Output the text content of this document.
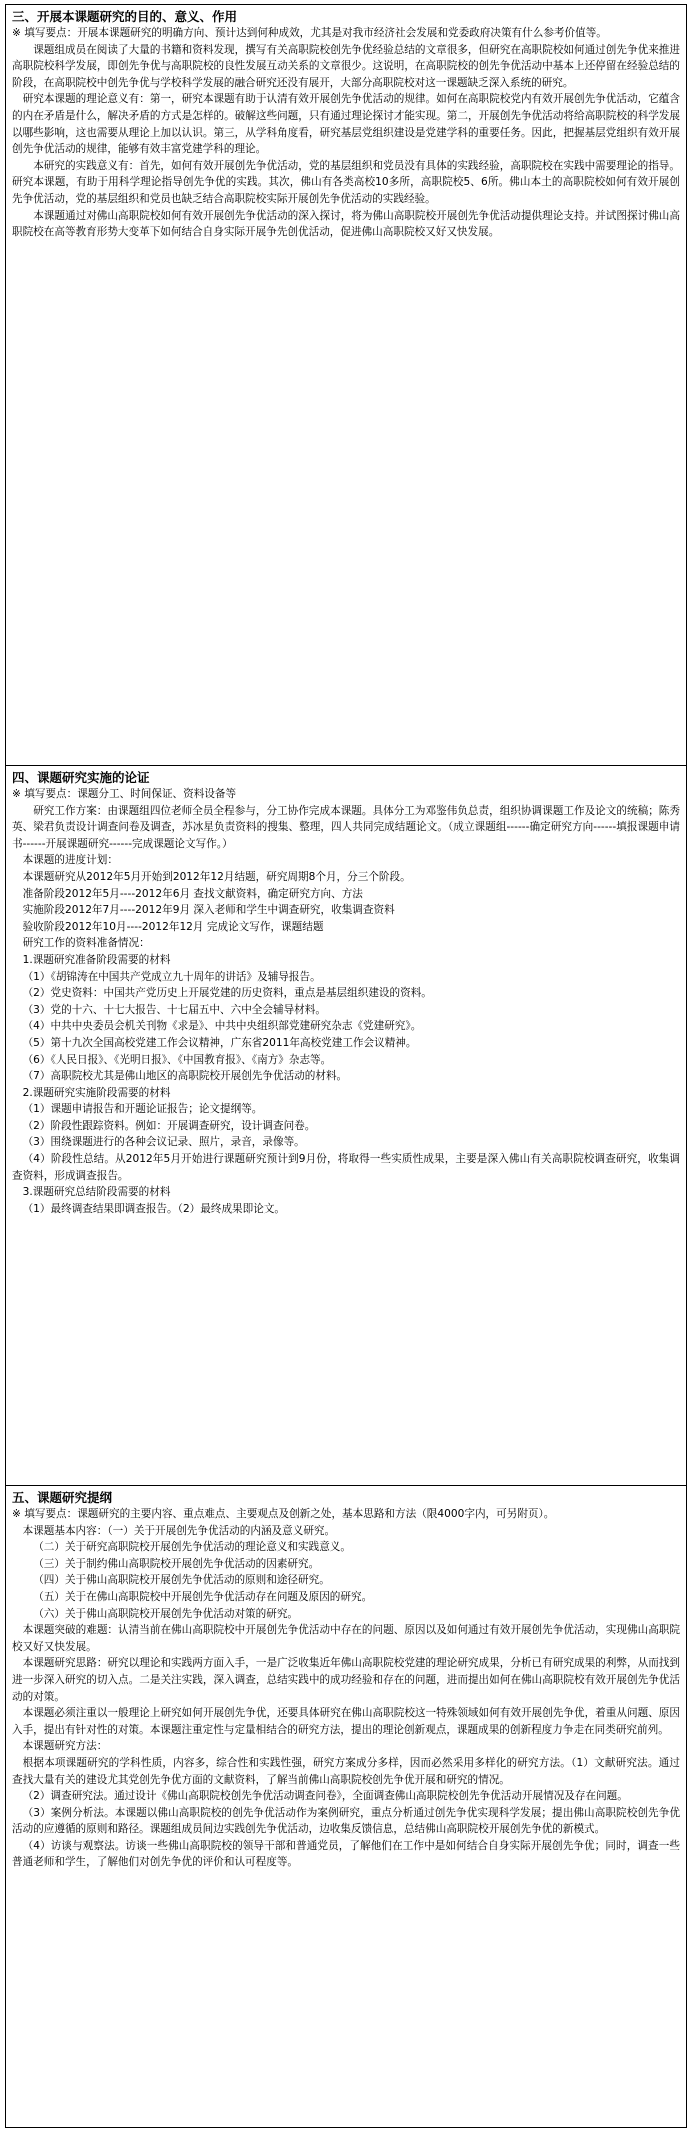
三、开展本课题研究的目的、意义、作用

※ 填写要点：开展本课题研究的明确方向、预计达到何种成效，尤其是对我市经济社会发展和党委政府决策有什么参考价值等。

课题组成员在阅读了大量的书籍和资料发现，撰写有关高职院校创先争优经验总结的文章很多，但研究在高职院校如何通过创先争优来推进高职院校科学发展，即创先争优与高职院校的良性发展互动关系的文章很少。这说明，在高职院校的创先争优活动中基本上还停留在经验总结的阶段，在高职院校中创先争优与学校科学发展的融合研究还没有展开，大部分高职院校对这一课题缺乏深入系统的研究。

研究本课题的理论意义有：第一，研究本课题有助于认清有效开展创先争优活动的规律。如何在高职院校党内有效开展创先争优活动，它蕴含的内在矛盾是什么，解决矛盾的方式是怎样的。破解这些问题，只有通过理论探讨才能实现。第二，开展创先争优活动将给高职院校的科学发展以哪些影响，这也需要从理论上加以认识。第三，从学科角度看，研究基层党组织建设是党建学科的重要任务。因此，把握基层党组织有效开展创先争优活动的规律，能够有效丰富党建学科的理论。

本研究的实践意义有：首先，如何有效开展创先争优活动，党的基层组织和党员没有具体的实践经验，高职院校在实践中需要理论的指导。研究本课题，有助于用科学理论指导创先争优的实践。其次，佛山有各类高校10多所，高职院校5、6所。佛山本土的高职院校如何有效开展创先争优活动，党的基层组织和党员也缺乏结合高职院校实际开展创先争优活动的实践经验。

本课题通过对佛山高职院校如何有效开展创先争优活动的深入探讨，将为佛山高职院校开展创先争优活动提供理论支持。并试图探讨佛山高职院校在高等教育形势大变革下如何结合自身实际开展争先创优活动，促进佛山高职院校又好又快发展。

四、课题研究实施的论证

※ 填写要点：课题分工、时间保证、资料设备等

研究工作方案：由课题组四位老师全员全程参与，分工协作完成本课题。具体分工为邓鉴伟负总责，组织协调课题工作及论文的统稿；陈秀英、梁君负责设计调查问卷及调查，苏冰星负责资料的搜集、整理，四人共同完成结题论文。（成立课题组------确定研究方向------填报课题申请书------开展课题研究------完成课题论文写作。）

本课题的进度计划：

本课题研究从2012年5月开始到2012年12月结题，研究周期8个月，分三个阶段。

准备阶段2012年5月----2012年6月 查找文献资料，确定研究方向、方法

实施阶段2012年7月----2012年9月 深入老师和学生中调查研究，收集调查资料

验收阶段2012年10月----2012年12月 完成论文写作，课题结题

研究工作的资料准备情况：

1.课题研究准备阶段需要的材料

（1）《胡锦涛在中国共产党成立九十周年的讲话》及辅导报告。

（2）党史资料：中国共产党历史上开展党建的历史资料，重点是基层组织建设的资料。

（3）党的十六、十七大报告、十七届五中、六中全会辅导材料。

（4）中共中央委员会机关刊物《求是》、中共中央组织部党建研究杂志《党建研究》。

（5）第十九次全国高校党建工作会议精神，广东省2011年高校党建工作会议精神。

（6）《人民日报》、《光明日报》、《中国教育报》、《南方》杂志等。

（7）高职院校尤其是佛山地区的高职院校开展创先争优活动的材料。

2.课题研究实施阶段需要的材料

（1）课题申请报告和开题论证报告；论文提纲等。

（2）阶段性跟踪资料。例如：开展调查研究，设计调查问卷。

（3）围绕课题进行的各种会议记录、照片，录音，录像等。

（4）阶段性总结。从2012年5月开始进行课题研究预计到9月份，将取得一些实质性成果，主要是深入佛山有关高职院校调查研究，收集调查资料，形成调查报告。

3.课题研究总结阶段需要的材料

（1）最终调查结果即调查报告。（2）最终成果即论文。

五、课题研究提纲

※ 填写要点：课题研究的主要内容、重点难点、主要观点及创新之处，基本思路和方法（限4000字内，可另附页）。

本课题基本内容：（一）关于开展创先争优活动的内涵及意义研究。

（二）关于研究高职院校开展创先争优活动的理论意义和实践意义。

（三）关于制约佛山高职院校开展创先争优活动的因素研究。

（四）关于佛山高职院校开展创先争优活动的原则和途径研究。

（五）关于在佛山高职院校中开展创先争优活动存在问题及原因的研究。

（六）关于佛山高职院校开展创先争优活动对策的研究。

本课题突破的难题：认清当前在佛山高职院校中开展创先争优活动中存在的问题、原因以及如何通过有效开展创先争优活动，实现佛山高职院校又好又快发展。

本课题研究思路：研究以理论和实践两方面入手，一是广泛收集近年佛山高职院校党建的理论研究成果，分析已有研究成果的利弊，从而找到进一步深入研究的切入点。二是关注实践，深入调查，总结实践中的成功经验和存在的问题，进而提出如何在佛山高职院校有效开展创先争优活动的对策。

本课题必须注重以一般理论上研究如何开展创先争优，还要具体研究在佛山高职院校这一特殊领域如何有效开展创先争优，着重从问题、原因入手，提出有针对性的对策。本课题注重定性与定量相结合的研究方法，提出的理论创新观点，课题成果的创新程度力争走在同类研究前列。

本课题研究方法：

根据本项课题研究的学科性质，内容多，综合性和实践性强，研究方案成分多样，因而必然采用多样化的研究方法。（1）文献研究法。通过查找大量有关的建设尤其党创先争优方面的文献资料，了解当前佛山高职院校创先争优开展和研究的情况。

（2）调查研究法。通过设计《佛山高职院校创先争优活动调查问卷》，全面调查佛山高职院校创先争优活动开展情况及存在问题。

（3）案例分析法。本课题以佛山高职院校的创先争优活动作为案例研究，重点分析通过创先争优实现科学发展；提出佛山高职院校创先争优活动的应遵循的原则和路径。课题组成员间边实践创先争优活动，边收集反馈信息，总结佛山高职院校开展创先争优的新模式。

（4）访谈与观察法。访谈一些佛山高职院校的领导干部和普通党员，了解他们在工作中是如何结合自身实际开展创先争优；同时，调查一些普通老师和学生，了解他们对创先争优的评价和认可程度等。
